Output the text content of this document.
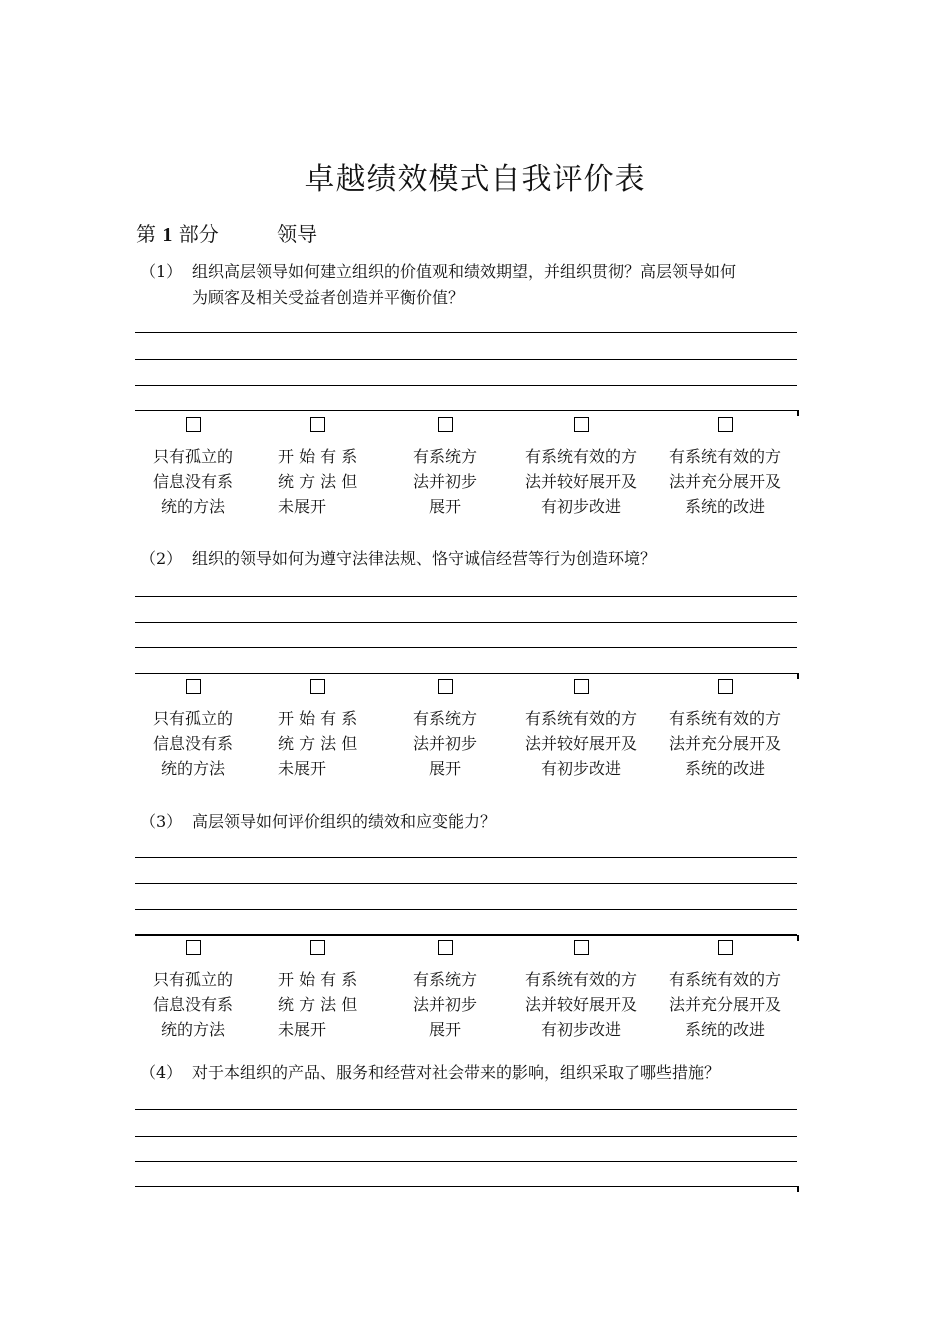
卓越绩效模式自我评价表
第 1 部分	领导
（1） 组织高层领导如何建立组织的价值观和绩效期望，并组织贯彻？高层领导如何
为顾客及相关受益者创造并平衡价值？
只有孤立的
信息没有系
统的方法
开 始 有 系
统 方 法 但
未展开
有系统方
法并初步
展开
有系统有效的方
法并较好展开及
有初步改进
有系统有效的方
法并充分展开及
系统的改进
（2） 组织的领导如何为遵守法律法规、恪守诚信经营等行为创造环境？
只有孤立的
信息没有系
统的方法
开 始 有 系
统 方 法 但
未展开
有系统方
法并初步
展开
有系统有效的方
法并较好展开及
有初步改进
有系统有效的方
法并充分展开及
系统的改进
（3） 高层领导如何评价组织的绩效和应变能力？
只有孤立的
信息没有系
统的方法
开 始 有 系
统 方 法 但
未展开
有系统方
法并初步
展开
有系统有效的方
法并较好展开及
有初步改进
有系统有效的方
法并充分展开及
系统的改进
（4） 对于本组织的产品、服务和经营对社会带来的影响，组织采取了哪些措施？
